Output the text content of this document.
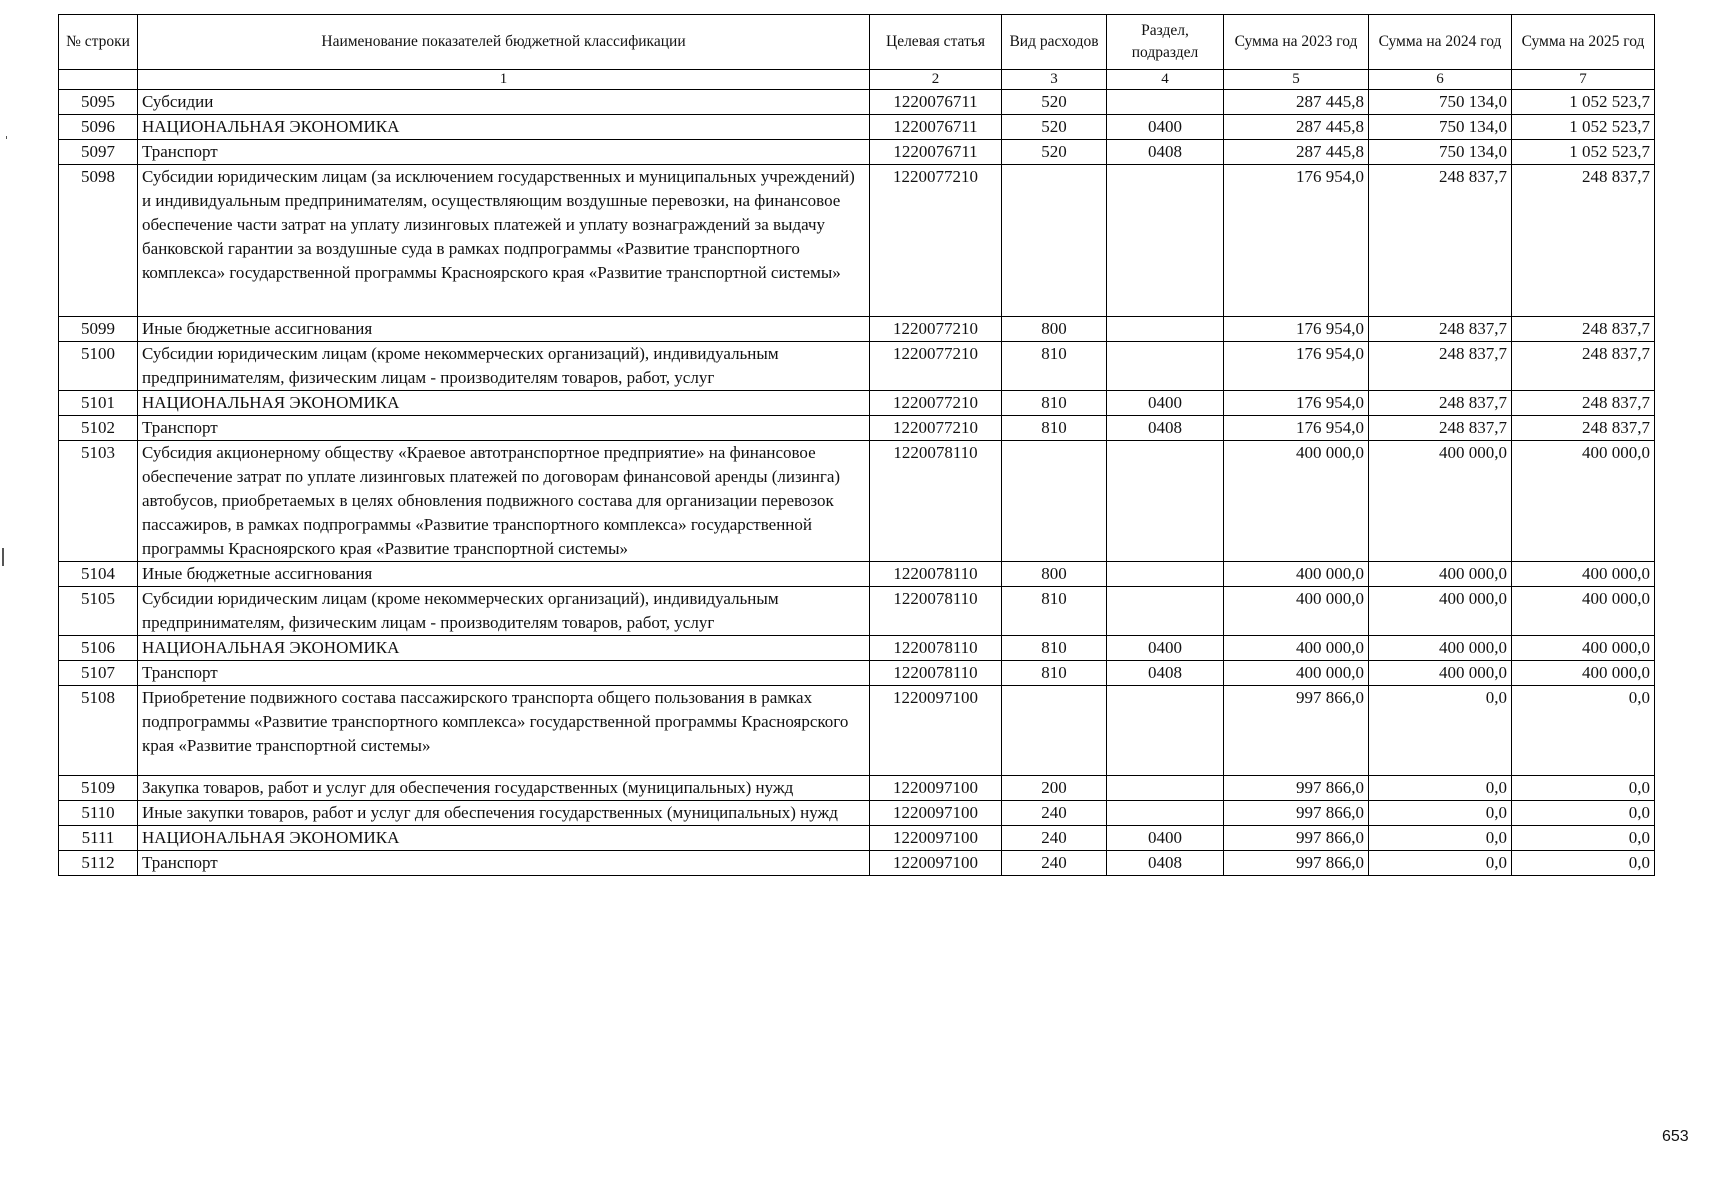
№ строки	Наименование показателей бюджетной классификации	Целевая статья	Вид расходов	Раздел, подраздел	Сумма на 2023 год	Сумма на 2024 год	Сумма на 2025 год
	1	2	3	4	5	6	7
5095	Субсидии	1220076711	520		287 445,8	750 134,0	1 052 523,7
5096	НАЦИОНАЛЬНАЯ ЭКОНОМИКА	1220076711	520	0400	287 445,8	750 134,0	1 052 523,7
5097	Транспорт	1220076711	520	0408	287 445,8	750 134,0	1 052 523,7
5098	Субсидии юридическим лицам (за исключением государственных и муниципальных учреждений) и индивидуальным предпринимателям, осуществляющим воздушные перевозки, на финансовое обеспечение части затрат на уплату лизинговых платежей и уплату вознаграждений за выдачу банковской гарантии за воздушные суда в рамках подпрограммы «Развитие транспортного комплекса» государственной программы Красноярского края «Развитие транспортной системы»	1220077210			176 954,0	248 837,7	248 837,7
5099	Иные бюджетные ассигнования	1220077210	800		176 954,0	248 837,7	248 837,7
5100	Субсидии юридическим лицам (кроме некоммерческих организаций), индивидуальным предпринимателям, физическим лицам - производителям товаров, работ, услуг	1220077210	810		176 954,0	248 837,7	248 837,7
5101	НАЦИОНАЛЬНАЯ ЭКОНОМИКА	1220077210	810	0400	176 954,0	248 837,7	248 837,7
5102	Транспорт	1220077210	810	0408	176 954,0	248 837,7	248 837,7
5103	Субсидия акционерному обществу «Краевое автотранспортное предприятие» на финансовое обеспечение затрат по уплате лизинговых платежей по договорам финансовой аренды (лизинга) автобусов, приобретаемых в целях обновления подвижного состава для организации перевозок пассажиров, в рамках подпрограммы «Развитие транспортного комплекса» государственной программы Красноярского края «Развитие транспортной системы»	1220078110			400 000,0	400 000,0	400 000,0
5104	Иные бюджетные ассигнования	1220078110	800		400 000,0	400 000,0	400 000,0
5105	Субсидии юридическим лицам (кроме некоммерческих организаций), индивидуальным предпринимателям, физическим лицам - производителям товаров, работ, услуг	1220078110	810		400 000,0	400 000,0	400 000,0
5106	НАЦИОНАЛЬНАЯ ЭКОНОМИКА	1220078110	810	0400	400 000,0	400 000,0	400 000,0
5107	Транспорт	1220078110	810	0408	400 000,0	400 000,0	400 000,0
5108	Приобретение подвижного состава пассажирского транспорта общего пользования в рамках подпрограммы «Развитие транспортного комплекса» государственной программы Красноярского края «Развитие транспортной системы»	1220097100			997 866,0	0,0	0,0
5109	Закупка товаров, работ и услуг для обеспечения государственных (муниципальных) нужд	1220097100	200		997 866,0	0,0	0,0
5110	Иные закупки товаров, работ и услуг для обеспечения государственных (муниципальных) нужд	1220097100	240		997 866,0	0,0	0,0
5111	НАЦИОНАЛЬНАЯ ЭКОНОМИКА	1220097100	240	0400	997 866,0	0,0	0,0
5112	Транспорт	1220097100	240	0408	997 866,0	0,0	0,0
653
